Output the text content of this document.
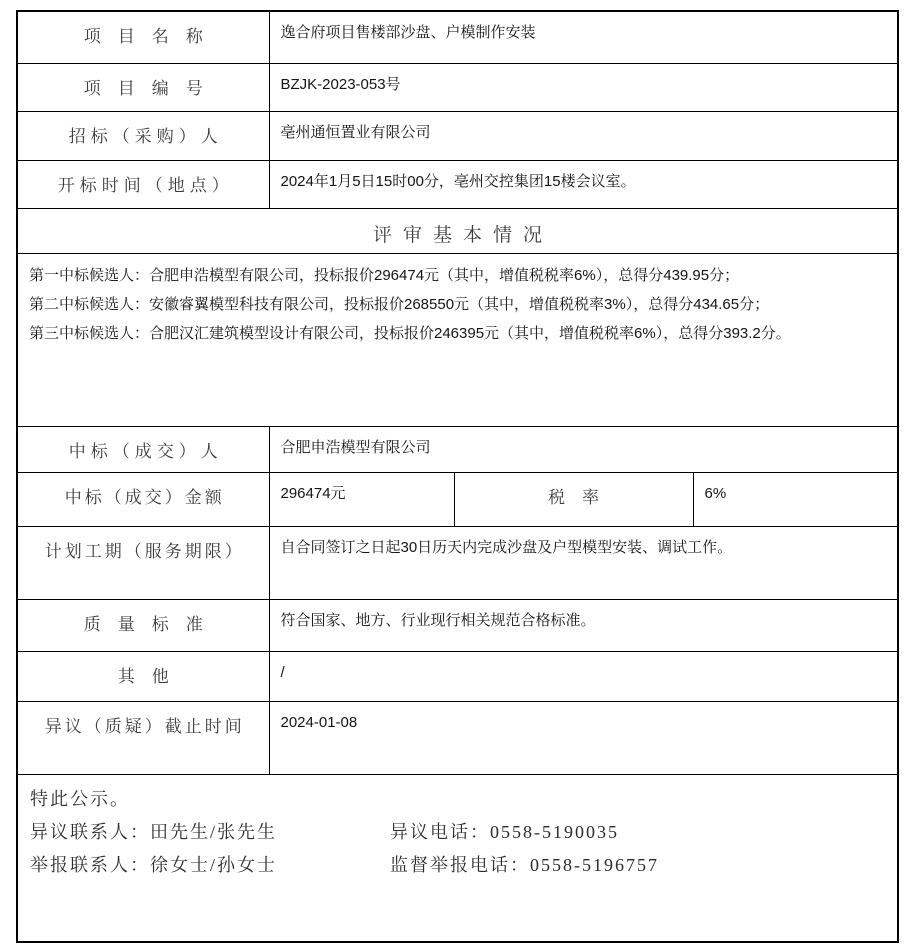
项目名称	逸合府项目售楼部沙盘、户模制作安装		
项目编号	BZJK-2023-053号		
招标（采购）人	亳州通恒置业有限公司		
开标时间（地点）	2024年1月5日15时00分，亳州交控集团15楼会议室。		
评审基本情况			

第一中标候选人：合肥申浩模型有限公司，投标报价296474元（其中，增值税税率6%），总得分439.95分；
第二中标候选人：安徽睿翼模型科技有限公司，投标报价268550元（其中，增值税税率3%），总得分434.65分；
第三中标候选人：合肥汉汇建筑模型设计有限公司，投标报价246395元（其中，增值税税率6%），总得分393.2分。			

中标（成交）人	合肥申浩模型有限公司		
中标（成交）金额	296474元	税率	6%
计划工期（服务期限）	自合同签订之日起30日历天内完成沙盘及户型模型安装、调试工作。		
质量标准	符合国家、地方、行业现行相关规范合格标准。		
其他	/		
异议（质疑）截止时间	2024-01-08		

特此公示。
异议联系人：田先生/张先生 异议电话：0558-5190035
举报联系人：徐女士/孙女士 监督举报电话：0558-5196757			
